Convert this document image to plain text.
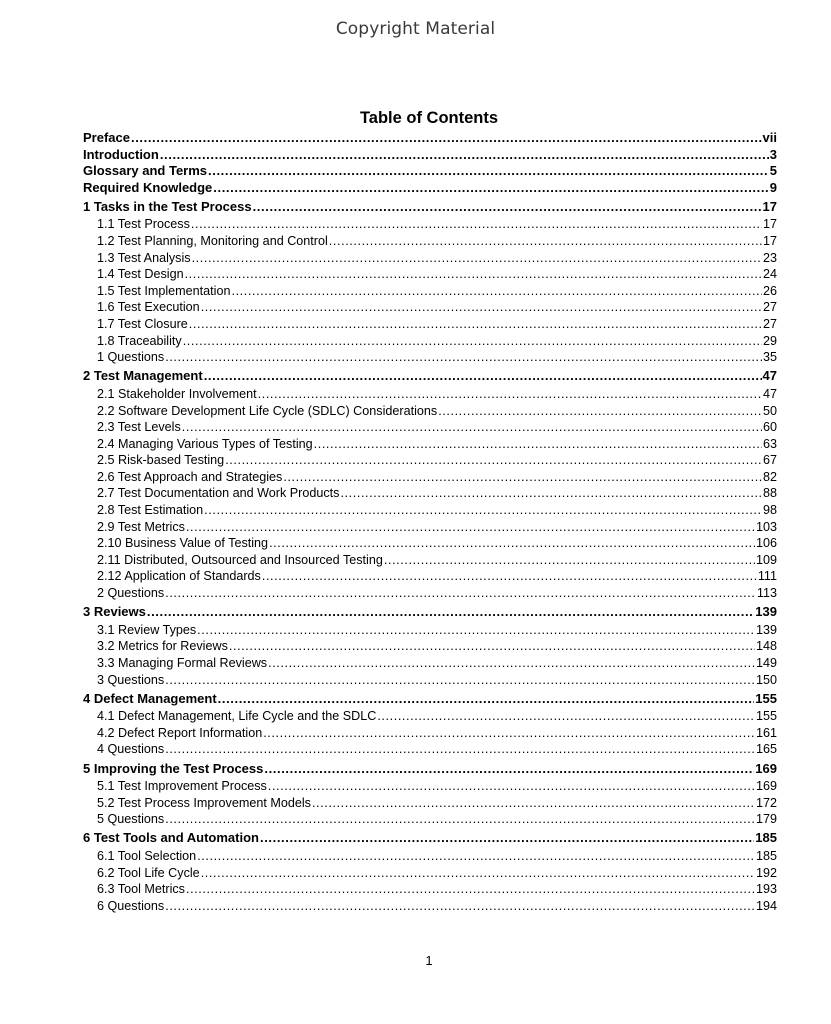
Copyright Material
Table of Contents
Preface .....	vii
Introduction .....	3
Glossary and Terms .....	5
Required Knowledge .....	9
1 Tasks in the Test Process .....	17
1.1 Test Process .....	17
1.2 Test Planning, Monitoring and Control .....	17
1.3 Test Analysis .....	23
1.4 Test Design .....	24
1.5 Test Implementation .....	26
1.6 Test Execution .....	27
1.7 Test Closure .....	27
1.8 Traceability .....	29
1 Questions .....	35
2 Test Management .....	47
2.1 Stakeholder Involvement .....	47
2.2 Software Development Life Cycle (SDLC) Considerations .....	50
2.3 Test Levels .....	60
2.4 Managing Various Types of Testing .....	63
2.5 Risk-based Testing .....	67
2.6 Test Approach and Strategies .....	82
2.7 Test Documentation and Work Products .....	88
2.8 Test Estimation .....	98
2.9 Test Metrics .....	103
2.10 Business Value of Testing .....	106
2.11 Distributed, Outsourced and Insourced Testing .....	109
2.12 Application of Standards .....	111
2 Questions .....	113
3 Reviews .....	139
3.1 Review Types .....	139
3.2 Metrics for Reviews .....	148
3.3 Managing Formal Reviews .....	149
3 Questions .....	150
4 Defect Management .....	155
4.1 Defect Management, Life Cycle and the SDLC .....	155
4.2 Defect Report Information .....	161
4 Questions .....	165
5 Improving the Test Process .....	169
5.1 Test Improvement Process .....	169
5.2 Test Process Improvement Models .....	172
5 Questions .....	179
6 Test Tools and Automation .....	185
6.1 Tool Selection .....	185
6.2 Tool Life Cycle .....	192
6.3 Tool Metrics .....	193
6 Questions .....	194
1
